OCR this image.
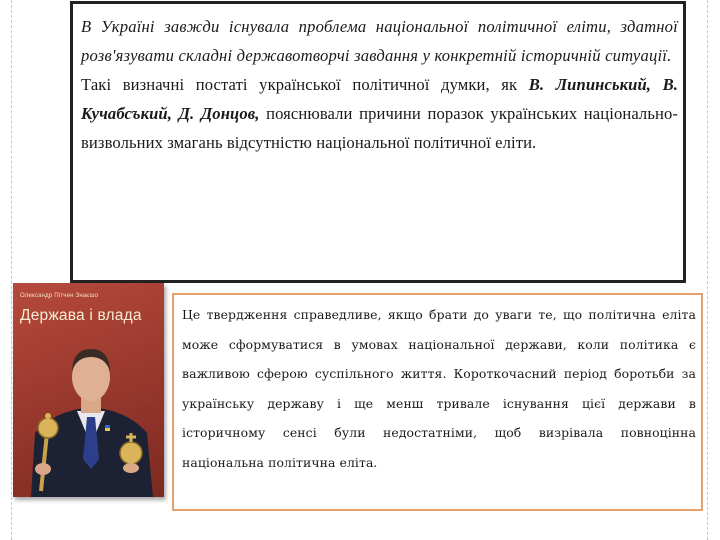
В Україні завжди існувала проблема національної політичної еліти, здатної розв'язувати складні державотворчі завдання у конкретній історичній ситуації.

Такі визначні постаті української політичної думки, як В. Липинський, В. Кучабсъкий, Д. Донцов, пояснювали причини поразок українських національно-визвольних змагань відсутністю національної політичної еліти.

Олександр Пітчен Знаєшо
Держава і влада	Це твердження справедливе, якщо брати до уваги те, що політична еліта може сформуватися в умовах національної держави, коли політика є важливою сферою суспільного життя. Короткочасний період боротьби за українську державу і ще менш тривале існування цієї держави в історичному сенсі були недостатніми, щоб визрівала повноцінна національна політична еліта.
